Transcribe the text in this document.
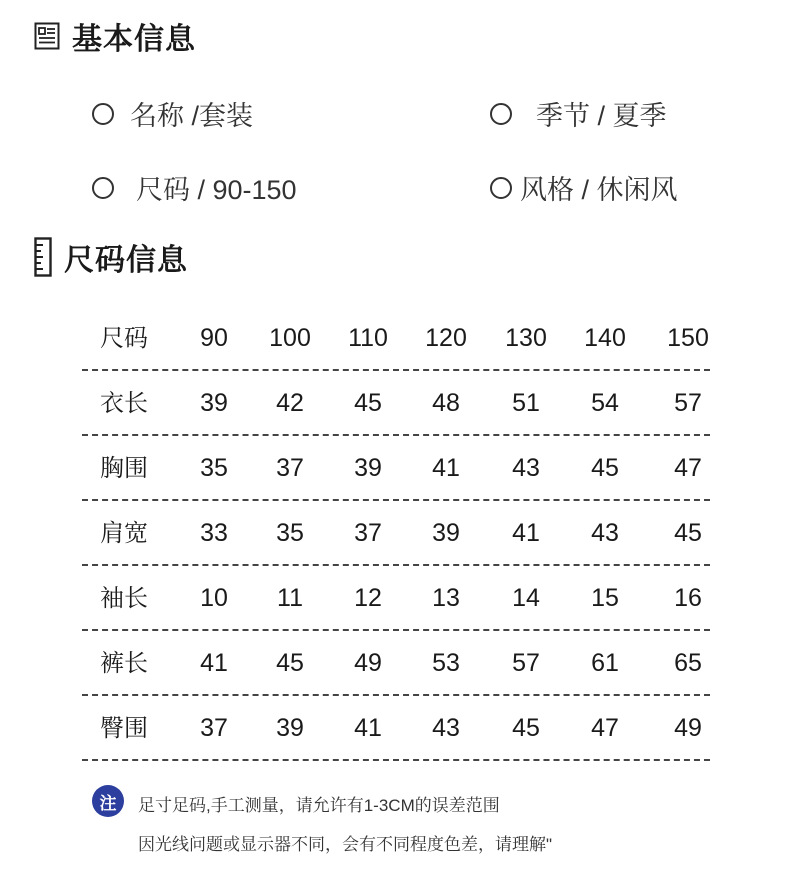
基本信息
名称 /套装	季节 / 夏季
尺码 / 90-150	风格 / 休闲风
尺码信息
尺码	90	100	110	120	130	140	150
衣长	39	42	45	48	51	54	57
胸围	35	37	39	41	43	45	47
肩宽	33	35	37	39	41	43	45
袖长	10	11	12	13	14	15	16
裤长	41	45	49	53	57	61	65
臀围	37	39	41	43	45	47	49
注	足寸足码,手工测量，请允许有1-3CM的误差范围
因光线问题或显示器不同，会有不同程度色差，请理解"
